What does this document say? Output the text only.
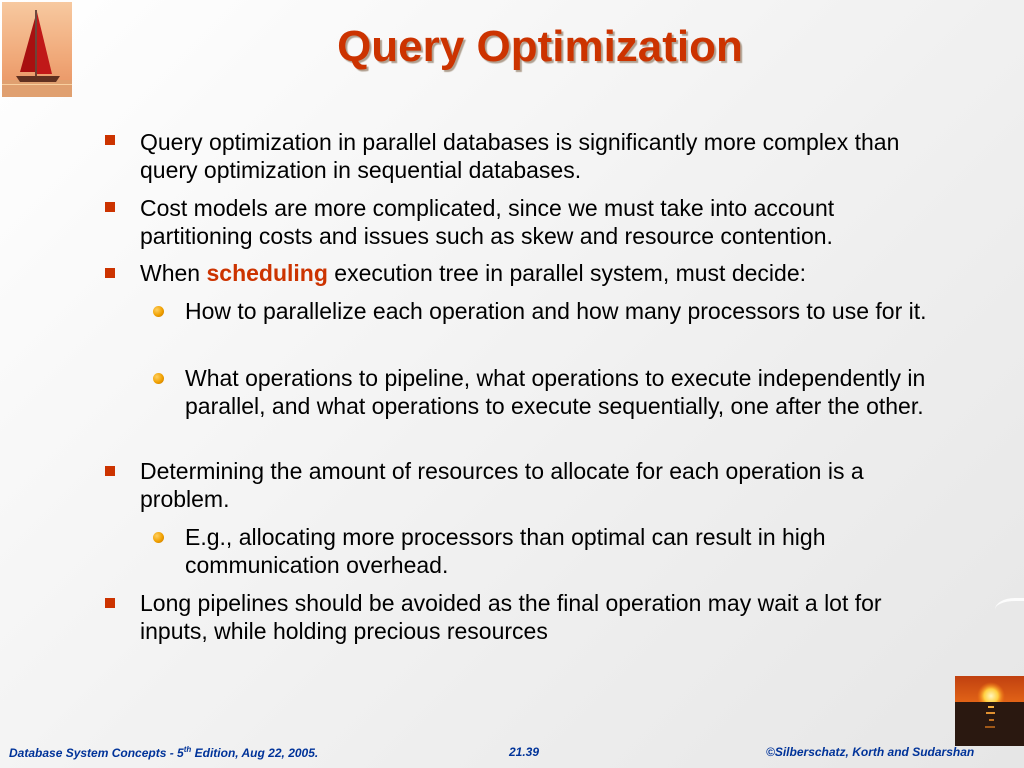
Query Optimization
Query optimization in parallel databases is significantly more complex than query optimization in sequential databases.
Cost models are more complicated, since we must take into account partitioning costs and issues such as skew and resource contention.
When scheduling execution tree in parallel system, must decide:
How to parallelize each operation and how many processors to use for it.
What operations to pipeline, what operations to execute independently in parallel, and what operations to execute sequentially, one after the other.
Determining the amount of resources to allocate for each operation is a problem.
E.g., allocating more processors than optimal can result in high communication overhead.
Long pipelines should be avoided as the final operation may wait a lot for inputs, while holding precious resources
Database System Concepts - 5th Edition, Aug 22, 2005.	21.39	©Silberschatz, Korth and Sudarshan
